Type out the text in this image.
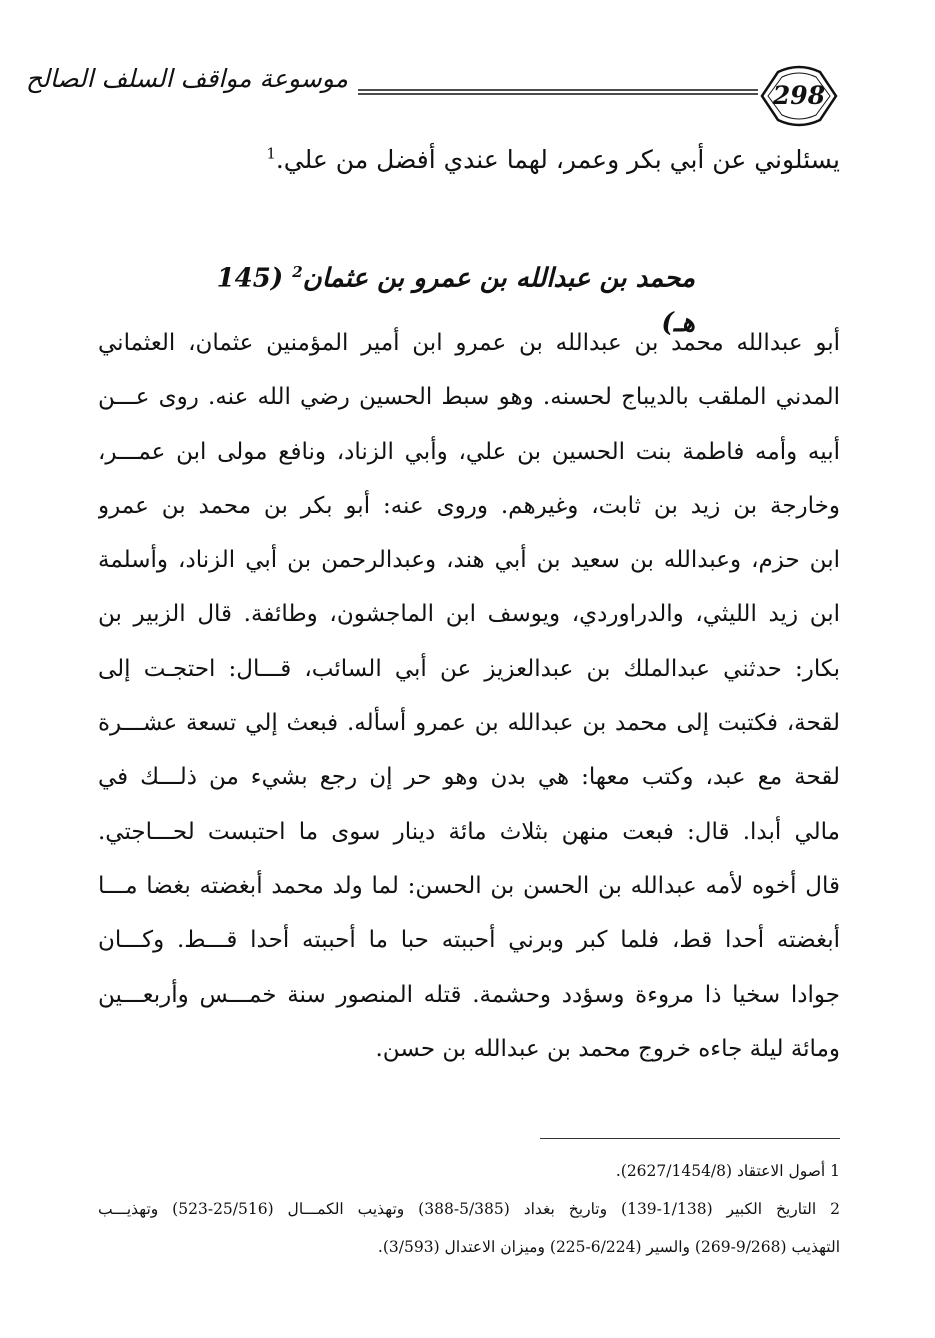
موسوعة مواقف السلف الصالح
298
يسئلوني عن أبي بكر وعمر، لهما عندي أفضل من علي.$^1$
محمد بن عبدالله بن عمرو بن عثمان$^2$ (145 هـ)
أبو عبدالله محمد بن عبدالله بن عمرو ابن أمير المؤمنين عثمان، العثماني
المدني الملقب بالديباج لحسنه. وهو سبط الحسين رضي الله عنه. روى عـــن
أبيه وأمه فاطمة بنت الحسين بن علي، وأبي الزناد، ونافع مولى ابن عمـــر،
وخارجة بن زيد بن ثابت، وغيرهم. وروى عنه: أبو بكر بن محمد بن عمرو
ابن حزم، وعبدالله بن سعيد بن أبي هند، وعبدالرحمن بن أبي الزناد، وأسلمة
ابن زيد الليثي، والدراوردي، ويوسف ابن الماجشون، وطائفة. قال الزبير بن
بكار: حدثني عبدالملك بن عبدالعزيز عن أبي السائب، قـــال: احتجـت إلى
لقحة، فكتبت إلى محمد بن عبدالله بن عمرو أسأله. فبعث إلي تسعة عشـــرة
لقحة مع عبد، وكتب معها: هي بدن وهو حر إن رجع بشيء من ذلـــك في
مالي أبدا. قال: فبعت منهن بثلاث مائة دينار سوى ما احتبست لحـــاجتي.
قال أخوه لأمه عبدالله بن الحسن بن الحسن: لما ولد محمد أبغضته بغضا مـــا
أبغضته أحدا قط، فلما كبر وبرني أحببته حبا ما أحببته أحدا قـــط. وكـــان
جوادا سخيا ذا مروءة وسؤدد وحشمة. قتله المنصور سنة خمـــس وأربعـــين
ومائة ليلة جاءه خروج محمد بن عبدالله بن حسن.
1 أصول الاعتقاد (2627/1454/8).
2 التاريخ الكبير (1/138-139) وتاريخ بغداد (5/385-388) وتهذيب الكمـــال (25/516-523) وتهذيـــب
التهذيب (9/268-269) والسير (6/224-225) وميزان الاعتدال (3/593).
